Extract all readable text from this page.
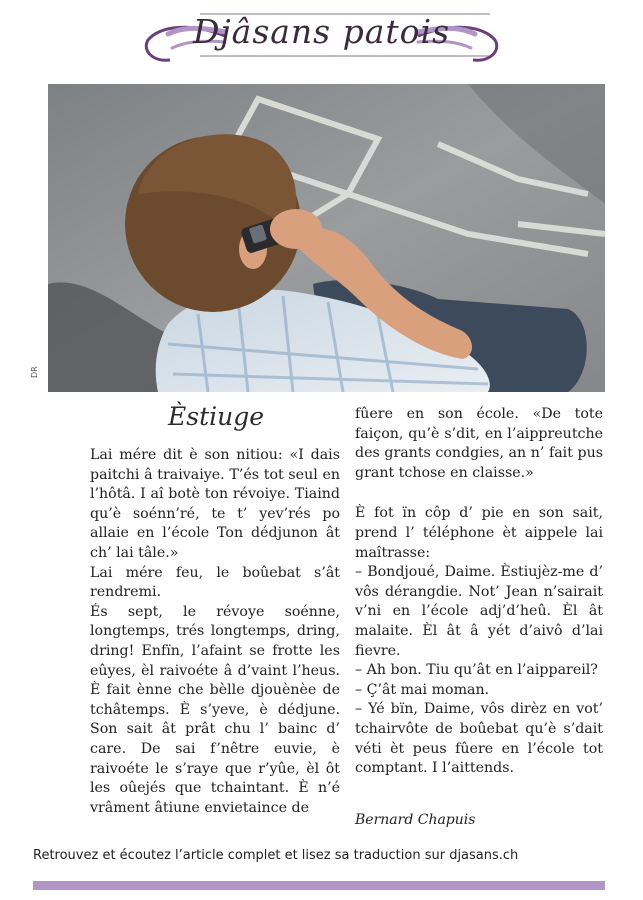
Djâsans patois
DR
Èstiuge

Lai mére dit è son nitiou: «I dais paitchi â traivaiye. T’és tot seul en l’hôtâ. I aî botè ton révoiye. Tiaind qu’è soénn’ré, te t’ yev’rés po allaie en l’école Ton dédjunon ât ch’ lai tâle.»

Lai mére feu, le boûebat s’ât rendremi.

És sept, le révoye soénne, longtemps, trés longtemps, dring, dring! Enfïn, l’afaint se frotte les eûyes, èl raivoéte â d’vaint l’heus. È fait ènne che bèlle djouènèe de tchâtemps. È s’yeve, è dédjune. Son sait ât prât chu l’ bainc d’ care. De sai f’nêtre euvie, è raivoéte le s’raye que r’yûe, èl ôt les oûejés que tchaintant. È n’é vrâment âtiune envietaince de

fûere en son école. «De tote faiçon, qu’è s’dit, en l’aippreutche des grants condgies, an n’ fait pus grant tchose en claisse.»

È fot ïn côp d’ pie en son sait, prend l’ téléphone èt aippele lai maîtrasse:

– Bondjoué, Daime. Èstiujèz-me d’ vôs dérangdie. Not’ Jean n’sairait v’ni en l’école adj’d’heû. Èl ât malaite. Èl ât â yét d’aivô d’lai fievre.

– Ah bon. Tiu qu’ât en l’aippareil?

– Ç’ât mai moman.

– Yé bïn, Daime, vôs dirèz en vot’ tchairvôte de boûebat qu’è s’dait véti èt peus fûere en l’école tot comptant. I l’aittends.

Bernard Chapuis
Retrouvez et écoutez l’article complet et lisez sa traduction sur djasans.ch
